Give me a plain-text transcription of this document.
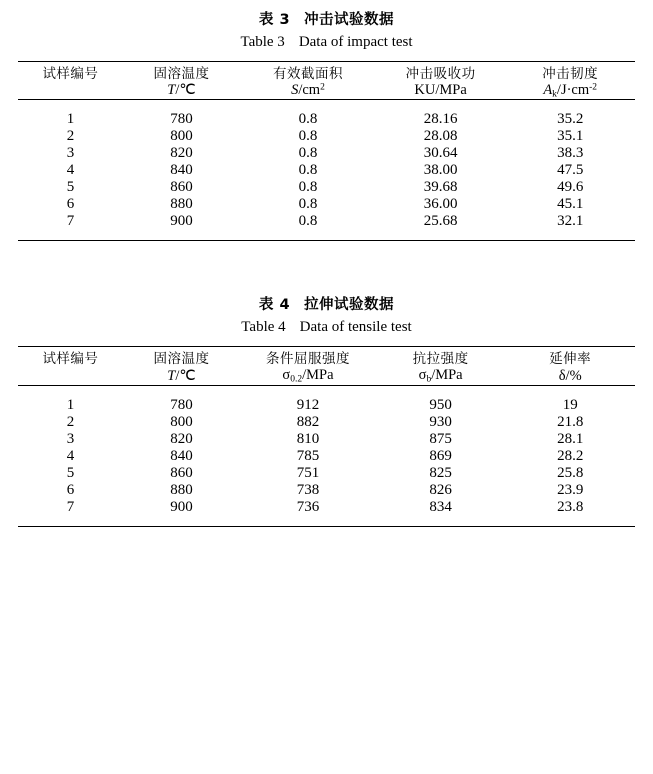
表 3 冲击试验数据
Table 3 Data of impact test

试样编号	固溶温度	有效截面积	冲击吸收功	冲击韧度
	T/℃	$S/cm^2$	KU/MPa	$A_k/J\cdot cm^{-2}$

1	780	0.8	28.16	35.2
2	800	0.8	28.08	35.1
3	820	0.8	30.64	38.3
4	840	0.8	38.00	47.5
5	860	0.8	39.68	49.6
6	880	0.8	36.00	45.1
7	900	0.8	25.68	32.1

表 4 拉伸试验数据
Table 4 Data of tensile test

试样编号	固溶温度	条件屈服强度	抗拉强度	延伸率
	T/℃	$\sigma_{0.2}$/MPa	$\sigma_b$/MPa	δ/%

1	780	912	950	19
2	800	882	930	21.8
3	820	810	875	28.1
4	840	785	869	28.2
5	860	751	825	25.8
6	880	738	826	23.9
7	900	736	834	23.8
